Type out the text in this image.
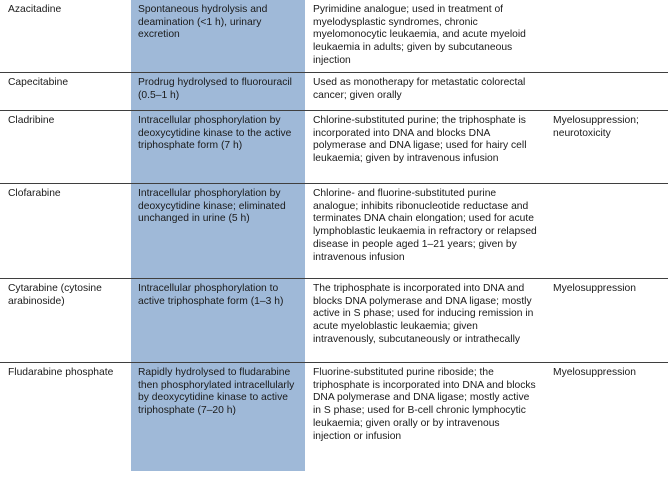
Azacitadine	Spontaneous hydrolysis and deamination (<1 h), urinary excretion	Pyrimidine analogue; used in treatment of myelodysplastic syndromes, chronic myelomonocytic leukaemia, and acute myeloid leukaemia in adults; given by subcutaneous injection	
Capecitabine	Prodrug hydrolysed to fluorouracil (0.5–1 h)	Used as monotherapy for metastatic colorectal cancer; given orally	
Cladribine	Intracellular phosphorylation by deoxycytidine kinase to the active triphosphate form (7 h)	Chlorine-substituted purine; the triphosphate is incorporated into DNA and blocks DNA polymerase and DNA ligase; used for hairy cell leukaemia; given by intravenous infusion	Myelosuppression; neurotoxicity
Clofarabine	Intracellular phosphorylation by deoxycytidine kinase; eliminated unchanged in urine (5 h)	Chlorine- and fluorine-substituted purine analogue; inhibits ribonucleotide reductase and terminates DNA chain elongation; used for acute lymphoblastic leukaemia in refractory or relapsed disease in people aged 1–21 years; given by intravenous infusion	
Cytarabine (cytosine arabinoside)	Intracellular phosphorylation to active triphosphate form (1–3 h)	The triphosphate is incorporated into DNA and blocks DNA polymerase and DNA ligase; mostly active in S phase; used for inducing remission in acute myeloblastic leukaemia; given intravenously, subcutaneously or intrathecally	Myelosuppression
Fludarabine phosphate	Rapidly hydrolysed to fludarabine then phosphorylated intracellularly by deoxycytidine kinase to active triphosphate (7–20 h)	Fluorine-substituted purine riboside; the triphosphate is incorporated into DNA and blocks DNA polymerase and DNA ligase; mostly active in S phase; used for B-cell chronic lymphocytic leukaemia; given orally or by intravenous injection or infusion	Myelosuppression
